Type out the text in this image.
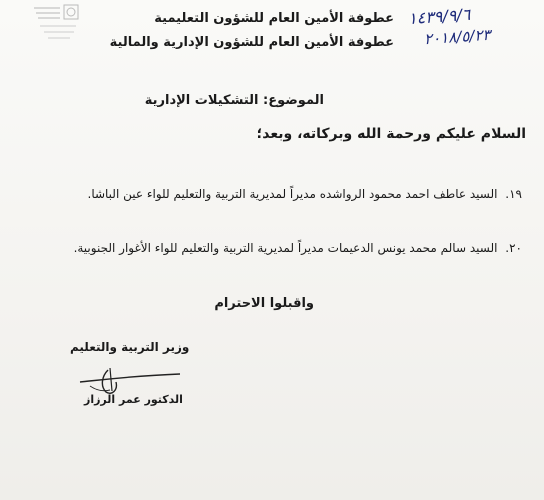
١٤٣٩/٩/٦
٢٠١٨/٥/٢٣
عطوفة الأمين العام للشؤون التعليمية
عطوفة الأمين العام للشؤون الإدارية والمالية
الموضوع: التشكيلات الإدارية
السلام عليكم ورحمة الله وبركاته، وبعد؛
١٩. السيد عاطف احمد محمود الرواشده مديراً لمديرية التربية والتعليم للواء عين الباشا.
٢٠. السيد سالم محمد يونس الدعيمات مديراً لمديرية التربية والتعليم للواء الأغوار الجنوبية.
واقبلوا الاحترام
وزير التربية والتعليم
الدكتور عمر الرزاز
